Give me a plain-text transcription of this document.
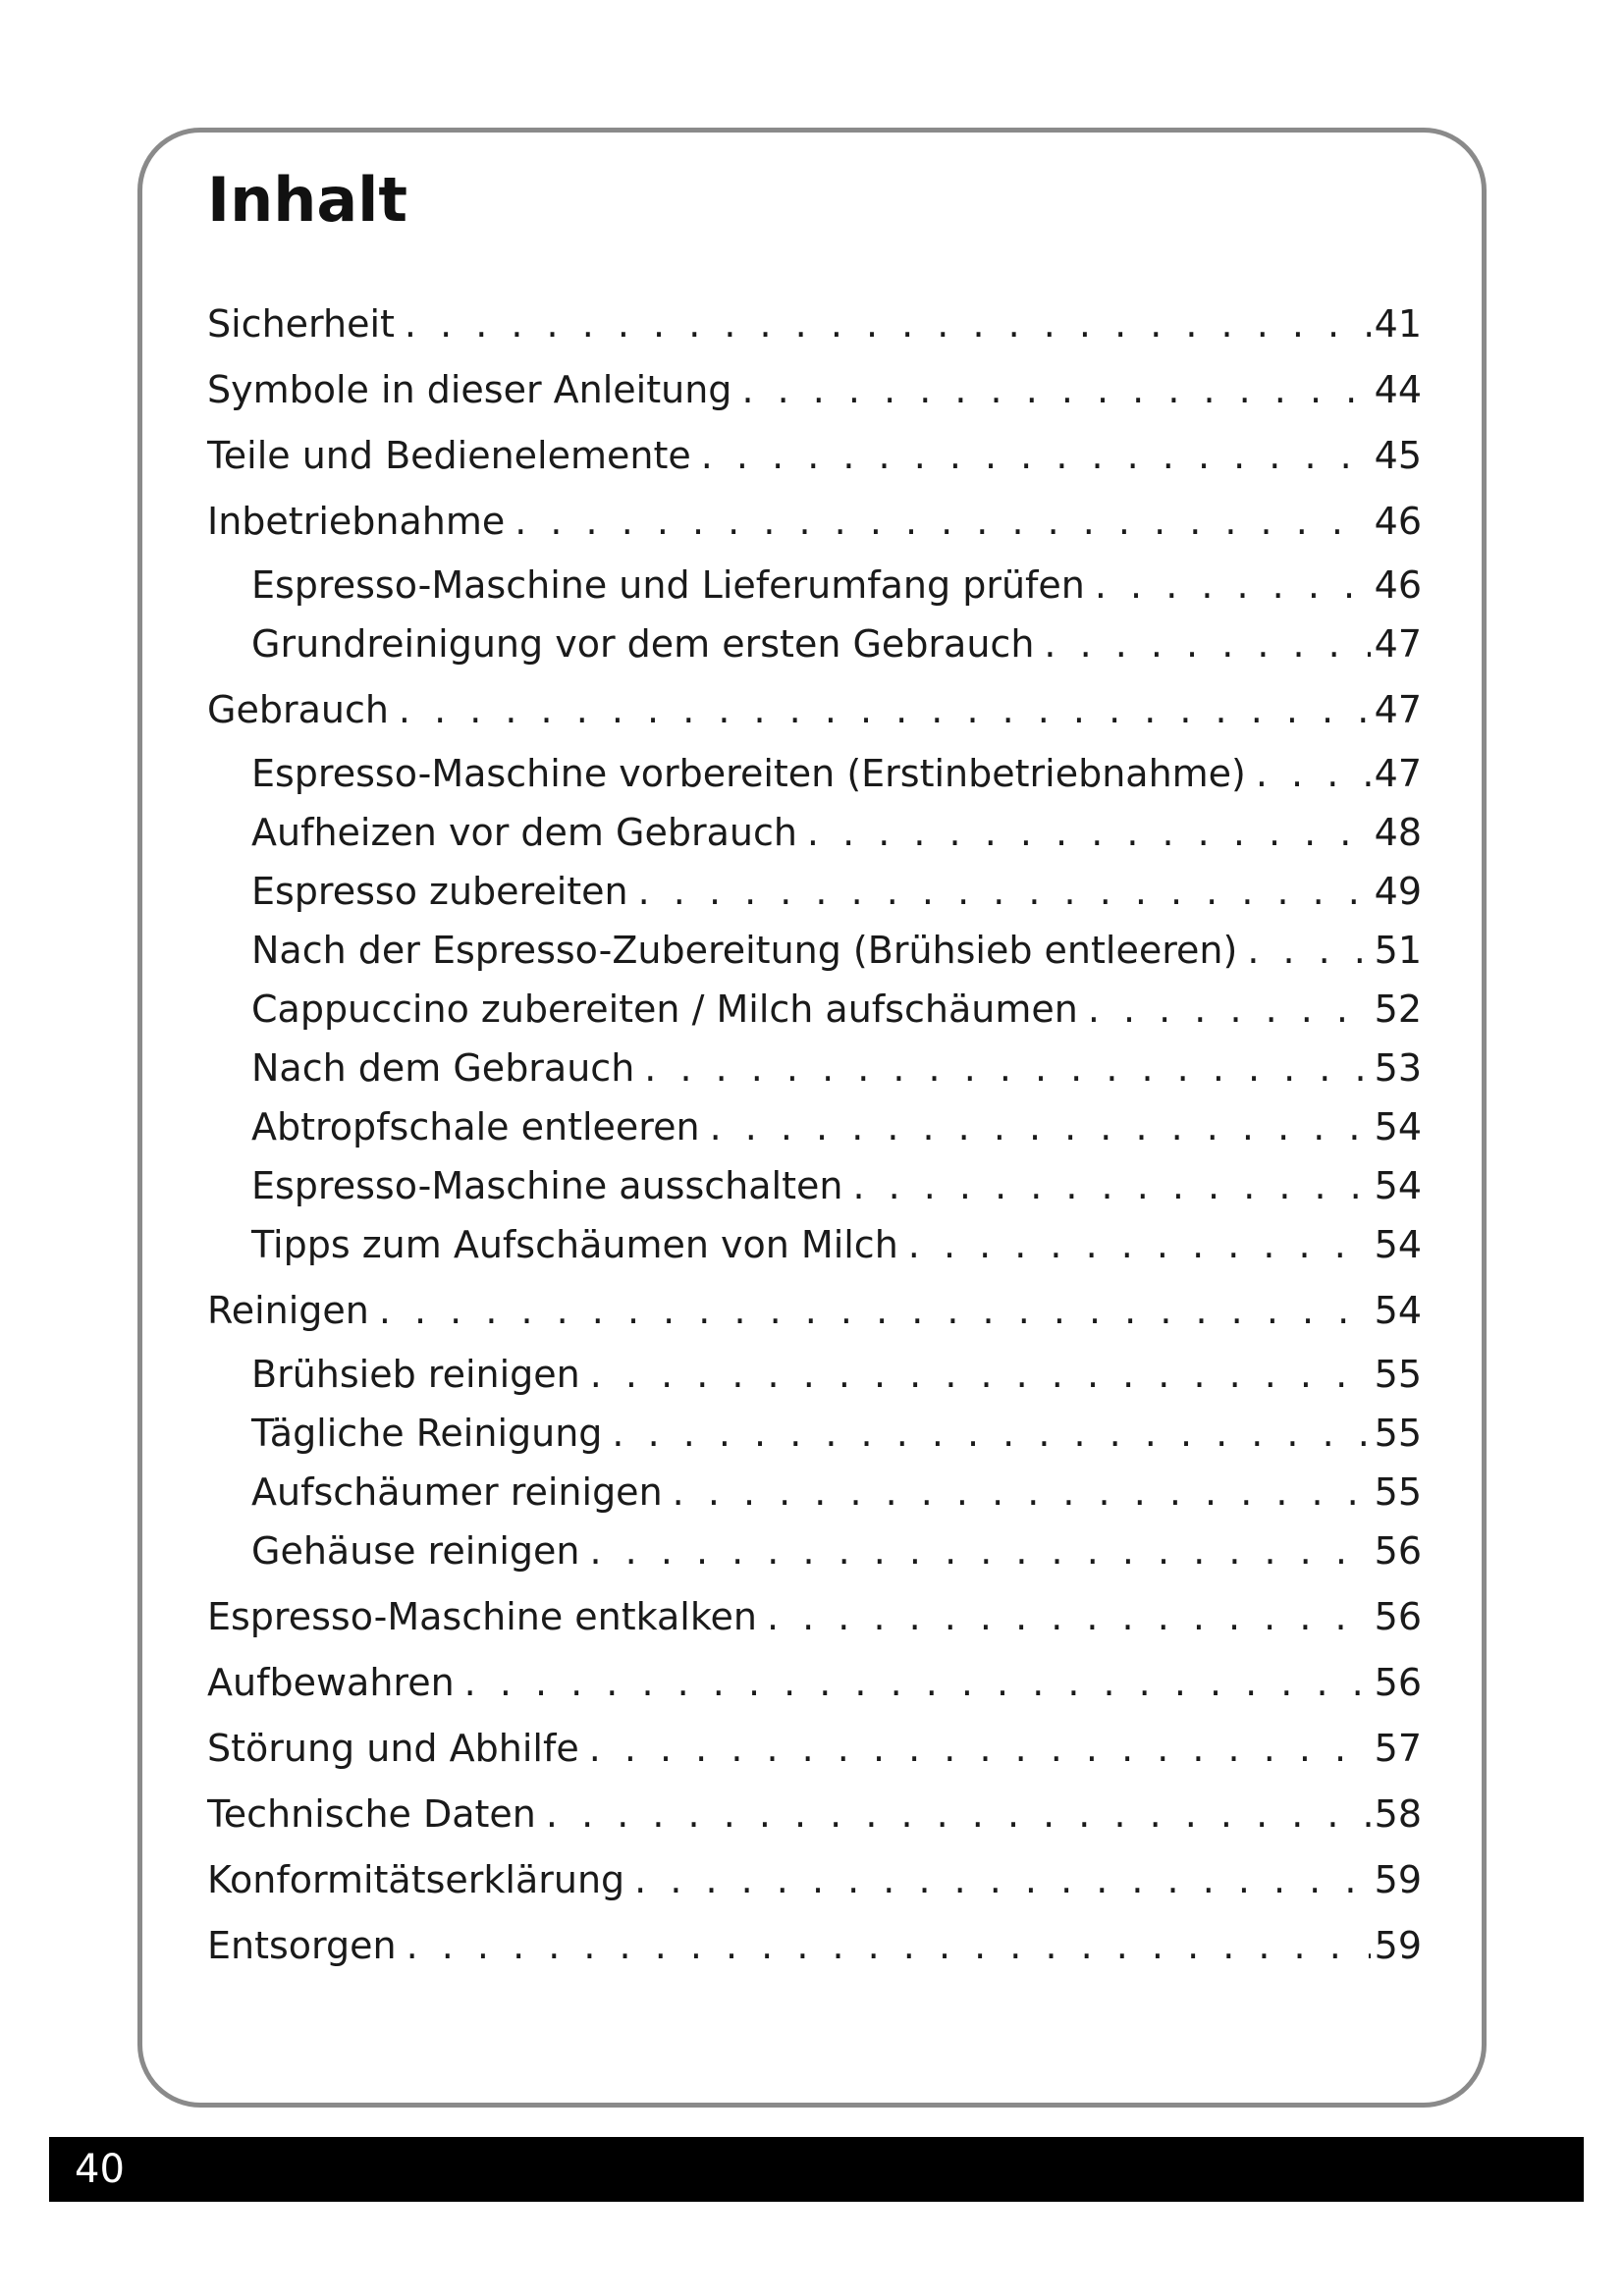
Inhalt
Sicherheit . . .	41
Symbole in dieser Anleitung . . .	44
Teile und Bedienelemente . . .	45
Inbetriebnahme . . .	46
Espresso-Maschine und Lieferumfang prüfen . . .	46
Grundreinigung vor dem ersten Gebrauch . . .	47
Gebrauch . . .	47
Espresso-Maschine vorbereiten (Erstinbetriebnahme) . . .	47
Aufheizen vor dem Gebrauch . . .	48
Espresso zubereiten . . .	49
Nach der Espresso-Zubereitung (Brühsieb entleeren) . . .	51
Cappuccino zubereiten / Milch aufschäumen . . .	52
Nach dem Gebrauch . . .	53
Abtropfschale entleeren . . .	54
Espresso-Maschine ausschalten . . .	54
Tipps zum Aufschäumen von Milch . . .	54
Reinigen . . .	54
Brühsieb reinigen . . .	55
Tägliche Reinigung . . .	55
Aufschäumer reinigen . . .	55
Gehäuse reinigen . . .	56
Espresso-Maschine entkalken . . .	56
Aufbewahren . . .	56
Störung und Abhilfe . . .	57
Technische Daten . . .	58
Konformitätserklärung . . .	59
Entsorgen . . .	59
40
